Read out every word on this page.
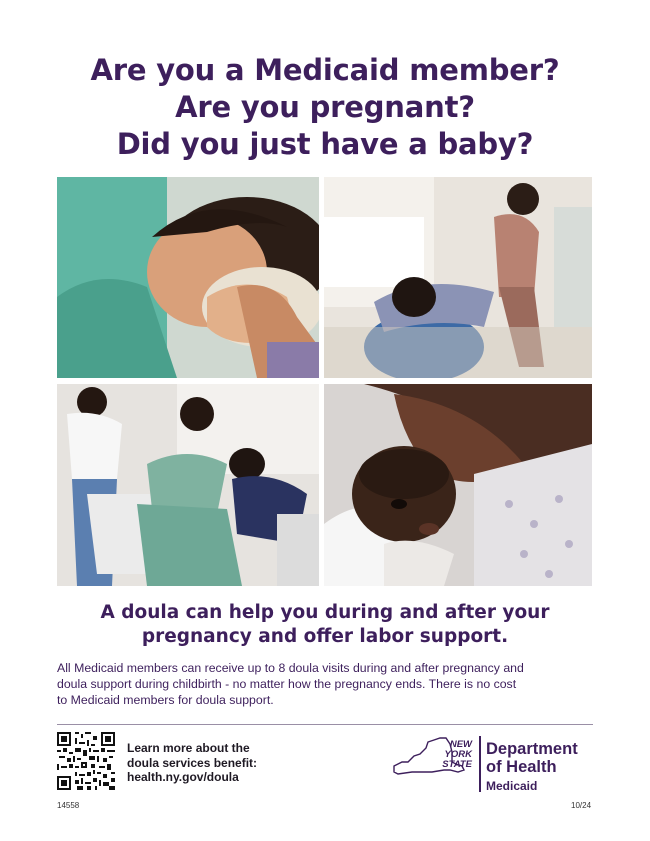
Are you a Medicaid member?
Are you pregnant?
Did you just have a baby?
A doula can help you during and after your
pregnancy and offer labor support.
All Medicaid members can receive up to 8 doula visits during and after pregnancy and
doula support during childbirth - no matter how the pregnancy ends. There is no cost
to Medicaid members for doula support.
Learn more about the
doula services benefit:
health.ny.gov/doula
NEW
YORK
STATE
Department
of Health
Medicaid
14558	10/24
